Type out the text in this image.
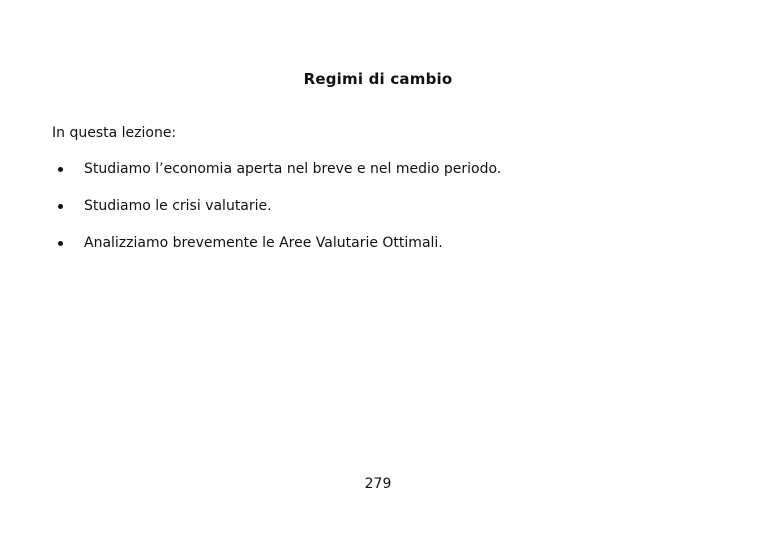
Regimi di cambio
In questa lezione:
Studiamo l’economia aperta nel breve e nel medio periodo.
Studiamo le crisi valutarie.
Analizziamo brevemente le Aree Valutarie Ottimali.
279
